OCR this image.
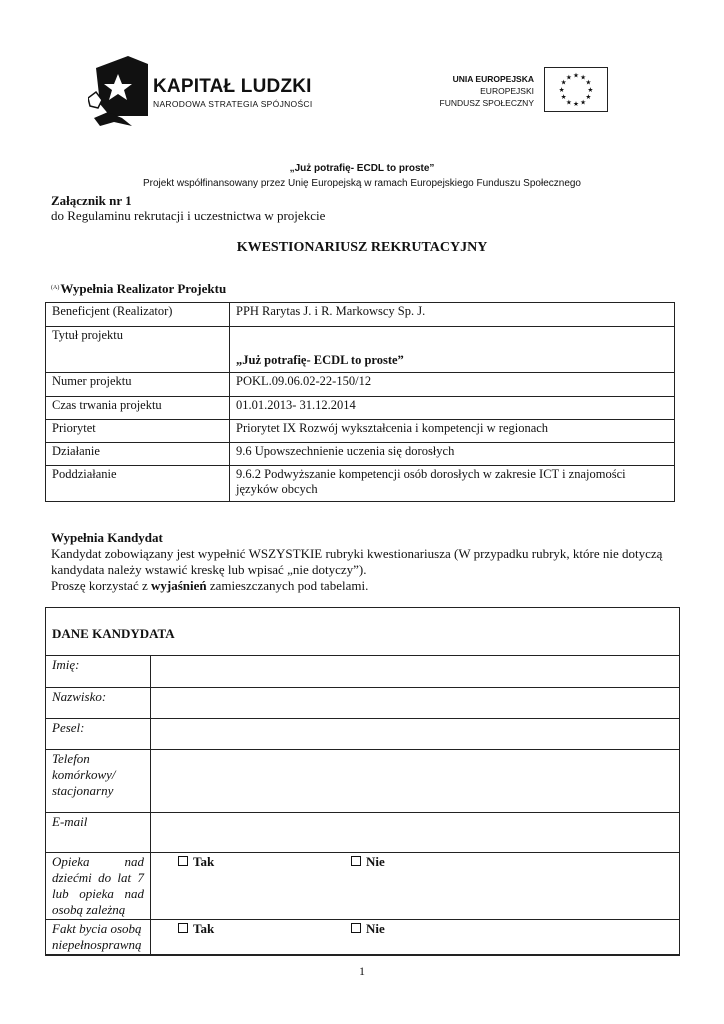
KAPITAŁ LUDZKI
NARODOWA STRATEGIA SPÓJNOŚCI
UNIA EUROPEJSKA
EUROPEJSKI
FUNDUSZ SPOŁECZNY
★ ★
★
★
★
★
★
★
★
★
★
★
„Już potrafię- ECDL to proste”
Projekt współfinansowany przez Unię Europejską w ramach Europejskiego Funduszu Społecznego
Załącznik nr 1
do Regulaminu rekrutacji i uczestnictwa w projekcie
KWESTIONARIUSZ REKRUTACYJNY
$^{(A)}$Wypełnia Realizator Projektu
Beneficjent (Realizator)	PPH Rarytas J. i R. Markowscy Sp. J.
Tytuł projektu	„Już potrafię- ECDL to proste”
Numer projektu	POKL.09.06.02-22-150/12
Czas trwania projektu	01.01.2013- 31.12.2014
Priorytet	Priorytet IX Rozwój wykształcenia i kompetencji w regionach
Działanie	9.6 Upowszechnienie uczenia się dorosłych
Poddziałanie	9.6.2 Podwyższanie kompetencji osób dorosłych w zakresie ICT i znajomości języków obcych
Wypełnia Kandydat
Kandydat zobowiązany jest wypełnić WSZYSTKIE rubryki kwestionariusza (W przypadku rubryk, które nie dotyczą kandydata należy wstawić kreskę lub wpisać „nie dotyczy”).
Proszę korzystać z wyjaśnień zamieszczanych pod tabelami.
DANE KANDYDATA
Imię:	
Nazwisko:	
Pesel:	
Telefon komórkowy/ stacjonarny	
E-mail	
Opieka nad dziećmi do lat 7 lub opieka nad
osobą zależną	Tak Nie

Fakt bycia osobą
niepełnosprawną	Tak Nie
1
